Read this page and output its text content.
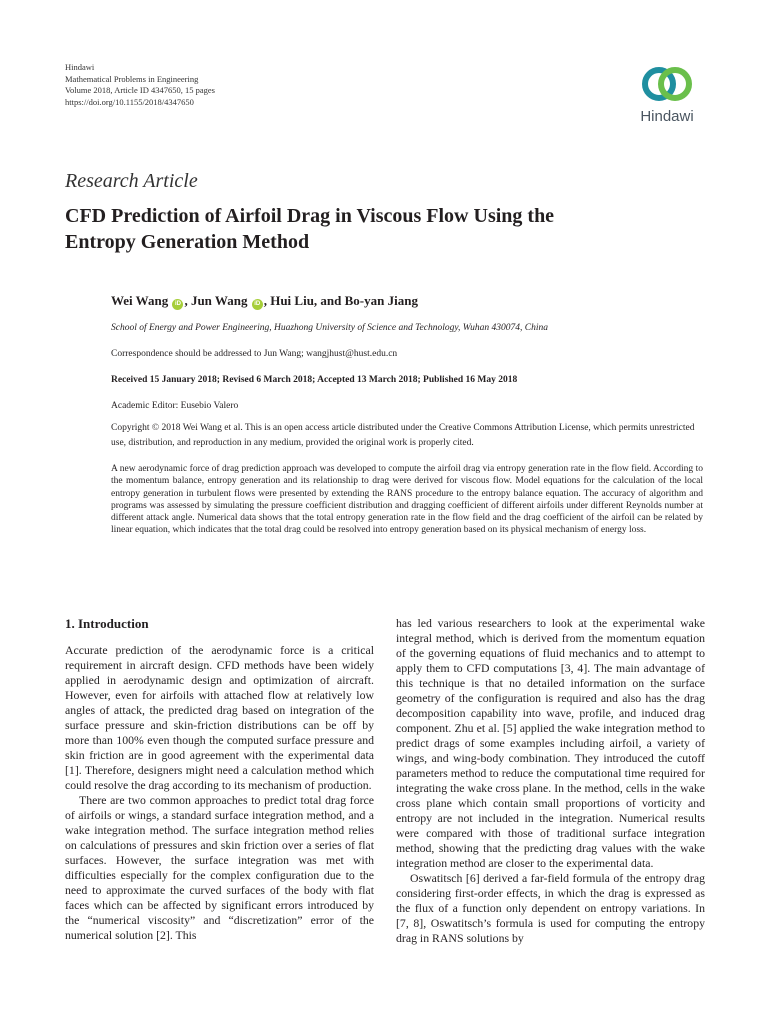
Hindawi
Mathematical Problems in Engineering
Volume 2018, Article ID 4347650, 15 pages
https://doi.org/10.1155/2018/4347650
Hindawi
Research Article
CFD Prediction of Airfoil Drag in Viscous Flow Using the Entropy Generation Method
Wei Wang iD , Jun Wang iD , Hui Liu, and Bo-yan Jiang
School of Energy and Power Engineering, Huazhong University of Science and Technology, Wuhan 430074, China
Correspondence should be addressed to Jun Wang; wangjhust@hust.edu.cn
Received 15 January 2018; Revised 6 March 2018; Accepted 13 March 2018; Published 16 May 2018
Academic Editor: Eusebio Valero
Copyright © 2018 Wei Wang et al. This is an open access article distributed under the Creative Commons Attribution License, which permits unrestricted use, distribution, and reproduction in any medium, provided the original work is properly cited.
A new aerodynamic force of drag prediction approach was developed to compute the airfoil drag via entropy generation rate in the flow field. According to the momentum balance, entropy generation and its relationship to drag were derived for viscous flow. Model equations for the calculation of the local entropy generation in turbulent flows were presented by extending the RANS procedure to the entropy balance equation. The accuracy of algorithm and programs was assessed by simulating the pressure coefficient distribution and dragging coefficient of different airfoils under different Reynolds number at different attack angle. Numerical data shows that the total entropy generation rate in the flow field and the drag coefficient of the airfoil can be related by linear equation, which indicates that the total drag could be resolved into entropy generation based on its physical mechanism of energy loss.
1. Introduction

Accurate prediction of the aerodynamic force is a critical requirement in aircraft design. CFD methods have been widely applied in aerodynamic design and optimization of aircraft. However, even for airfoils with attached flow at relatively low angles of attack, the predicted drag based on integration of the surface pressure and skin-friction distributions can be off by more than 100% even though the computed surface pressure and skin friction are in good agreement with the experimental data [1]. Therefore, designers might need a calculation method which could resolve the drag according to its mechanism of production.

There are two common approaches to predict total drag force of airfoils or wings, a standard surface integration method, and a wake integration method. The surface integration method relies on calculations of pressures and skin friction over a series of flat surfaces. However, the surface integration was met with difficulties especially for the complex configuration due to the need to approximate the curved surfaces of the body with flat faces which can be affected by significant errors introduced by the “numerical viscosity” and “discretization” error of the numerical solution [2]. This

has led various researchers to look at the experimental wake integral method, which is derived from the momentum equation of the governing equations of fluid mechanics and to attempt to apply them to CFD computations [3, 4]. The main advantage of this technique is that no detailed information on the surface geometry of the configuration is required and also has the drag decomposition capability into wave, profile, and induced drag component. Zhu et al. [5] applied the wake integration method to predict drags of some examples including airfoil, a variety of wings, and wing-body combination. They introduced the cutoff parameters method to reduce the computational time required for integrating the wake cross plane. In the method, cells in the wake cross plane which contain small proportions of vorticity and entropy are not included in the integration. Numerical results were compared with those of traditional surface integration method, showing that the predicting drag values with the wake integration method are closer to the experimental data.

Oswatitsch [6] derived a far-field formula of the entropy drag considering first-order effects, in which the drag is expressed as the flux of a function only dependent on entropy variations. In [7, 8], Oswatitsch’s formula is used for computing the entropy drag in RANS solutions by
